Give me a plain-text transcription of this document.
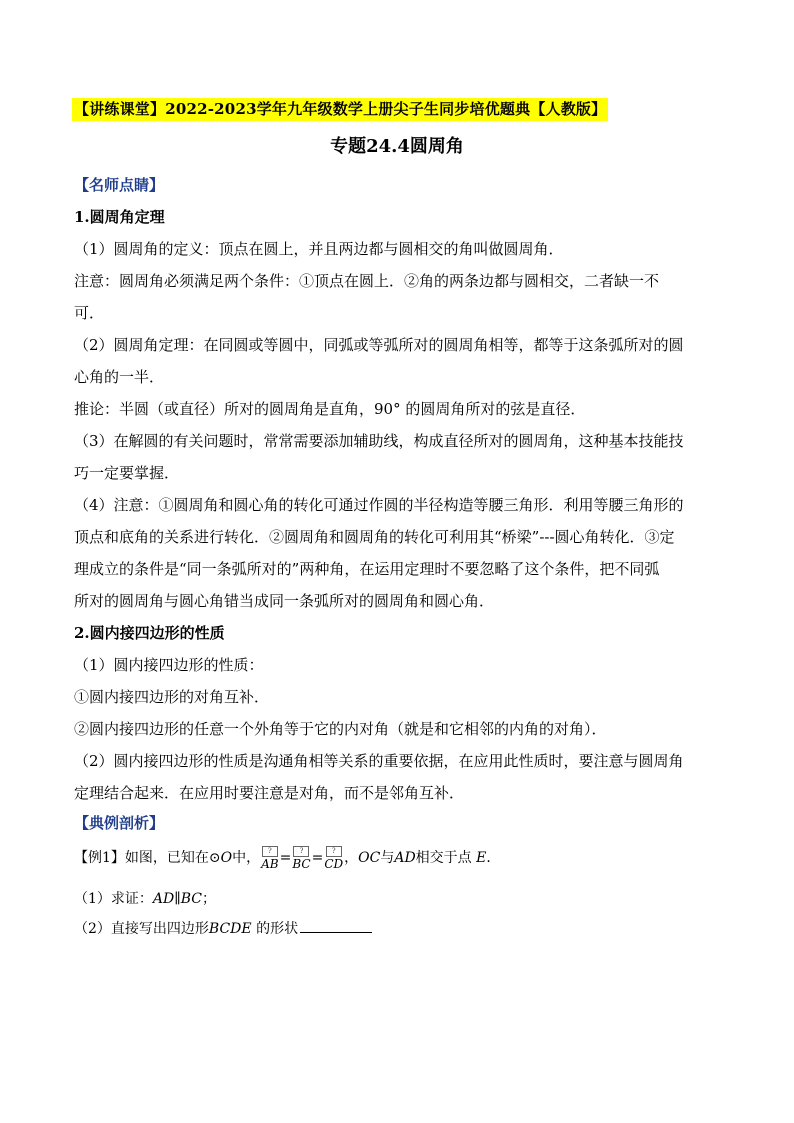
【讲练课堂】2022-2023学年九年级数学上册尖子生同步培优题典【人教版】
专题24.4圆周角
【名师点睛】
1.圆周角定理
（1）圆周角的定义：顶点在圆上，并且两边都与圆相交的角叫做圆周角．
注意：圆周角必须满足两个条件：①顶点在圆上．②角的两条边都与圆相交，二者缺一不
可．
（2）圆周角定理：在同圆或等圆中，同弧或等弧所对的圆周角相等，都等于这条弧所对的圆
心角的一半．
推论：半圆（或直径）所对的圆周角是直角，90° 的圆周角所对的弦是直径．
（3）在解圆的有关问题时，常常需要添加辅助线，构成直径所对的圆周角，这种基本技能技
巧一定要掌握．
（4）注意：①圆周角和圆心角的转化可通过作圆的半径构造等腰三角形．利用等腰三角形的
顶点和底角的关系进行转化．②圆周角和圆周角的转化可利用其“桥梁”---圆心角转化．③定
理成立的条件是“同一条弧所对的”两种角，在运用定理时不要忽略了这个条件，把不同弧
所对的圆周角与圆心角错当成同一条弧所对的圆周角和圆心角．
2.圆内接四边形的性质
（1）圆内接四边形的性质：
①圆内接四边形的对角互补．
②圆内接四边形的任意一个外角等于它的内对角（就是和它相邻的内角的对角）．
（2）圆内接四边形的性质是沟通角相等关系的重要依据，在应用此性质时，要注意与圆周角
定理结合起来．在应用时要注意是对角，而不是邻角互补．
【典例剖析】
【例1】如图，已知在⊙O中，	?
AB =	?
BC =	?
CD ，OC与AD相交于点 E．
（1）求证：AD∥BC；
（2）直接写出四边形BCDE 的形状
